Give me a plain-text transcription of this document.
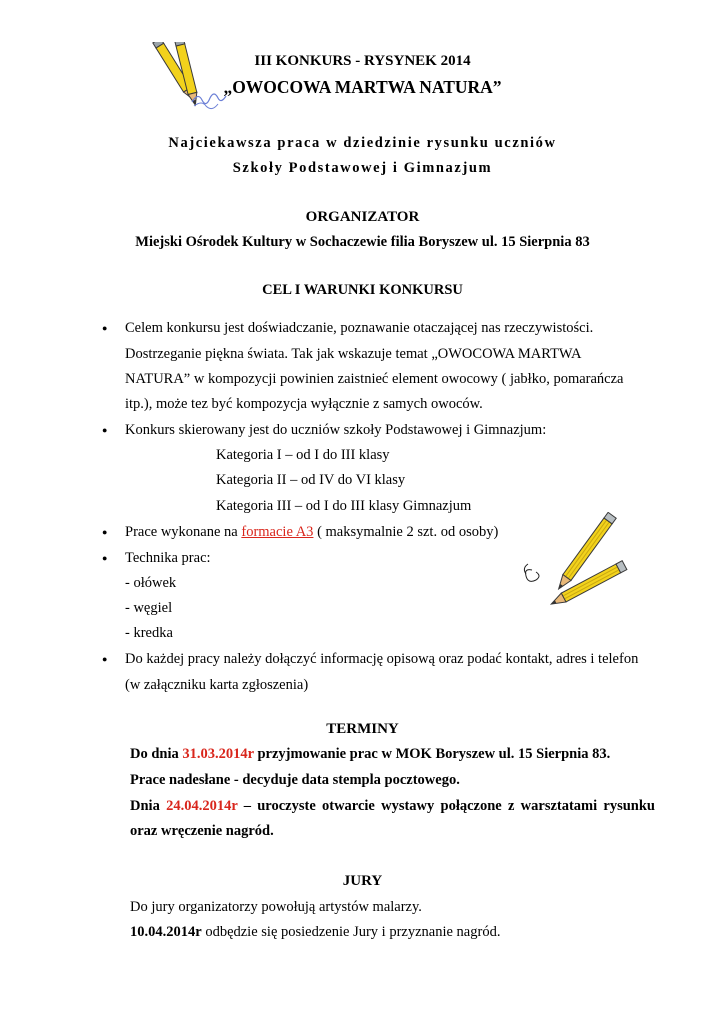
III KONKURS - RYSYNEK 2014
„OWOCOWA MARTWA NATURA”
Najciekawsza praca w dziedzinie rysunku uczniów
Szkoły Podstawowej i Gimnazjum
ORGANIZATOR
Miejski Ośrodek Kultury w Sochaczewie filia Boryszew ul. 15 Sierpnia 83
CEL I WARUNKI KONKURSU
● Celem konkursu jest doświadczanie, poznawanie otaczającej nas rzeczywistości.
Dostrzeganie piękna świata. Tak jak wskazuje temat „OWOCOWA MARTWA
NATURA” w kompozycji powinien zaistnieć element owocowy ( jabłko, pomarańcza
itp.), może tez być kompozycja wyłącznie z samych owoców.
● Konkurs skierowany jest do uczniów szkoły Podstawowej i Gimnazjum:
Kategoria I – od I do III klasy
Kategoria II – od IV do VI klasy
Kategoria III – od I do III klasy Gimnazjum
● Prace wykonane na formacie A3 ( maksymalnie 2 szt. od osoby)
● Technika prac:
- ołówek
- węgiel
- kredka
● Do każdej pracy należy dołączyć informację opisową oraz podać kontakt, adres i telefon
(w załączniku karta zgłoszenia)
TERMINY
Do dnia 31.03.2014r przyjmowanie prac w MOK Boryszew ul. 15 Sierpnia 83.
Prace nadesłane - decyduje data stempla pocztowego.
Dnia 24.04.2014r – uroczyste otwarcie wystawy połączone z warsztatami rysunku
oraz wręczenie nagród.
JURY
Do jury organizatorzy powołują artystów malarzy.
10.04.2014r odbędzie się posiedzenie Jury i przyznanie nagród.
